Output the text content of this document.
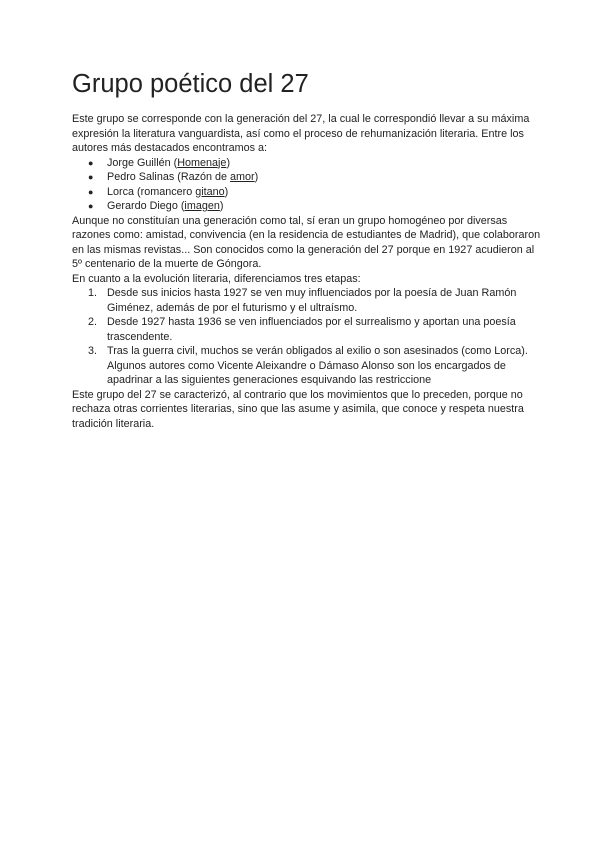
Grupo poético del 27

Este grupo se corresponde con la generación del 27, la cual le correspondió llevar a su máxima expresión la literatura vanguardista, así como el proceso de rehumanización literaria. Entre los autores más destacados encontramos a:

● Jorge Guillén (Homenaje)
● Pedro Salinas (Razón de amor)
● Lorca (romancero gitano)
● Gerardo Diego (imagen)

Aunque no constituían una generación como tal, sí eran un grupo homogéneo por diversas razones como: amistad, convivencia (en la residencia de estudiantes de Madrid), que colaboraron en las mismas revistas... Son conocidos como la generación del 27 porque en 1927 acudieron al 5º centenario de la muerte de Góngora.

En cuanto a la evolución literaria, diferenciamos tres etapas:

1. Desde sus inicios hasta 1927 se ven muy influenciados por la poesía de Juan Ramón Giménez, además de por el futurismo y el ultraísmo.
2. Desde 1927 hasta 1936 se ven influenciados por el surrealismo y aportan una poesía trascendente.
3. Tras la guerra civil, muchos se verán obligados al exilio o son asesinados (como Lorca). Algunos autores como Vicente Aleixandre o Dámaso Alonso son los encargados de apadrinar a las siguientes generaciones esquivando las restriccione

Este grupo del 27 se caracterizó, al contrario que los movimientos que lo preceden, porque no rechaza otras corrientes literarias, sino que las asume y asimila, que conoce y respeta nuestra tradición literaria.
